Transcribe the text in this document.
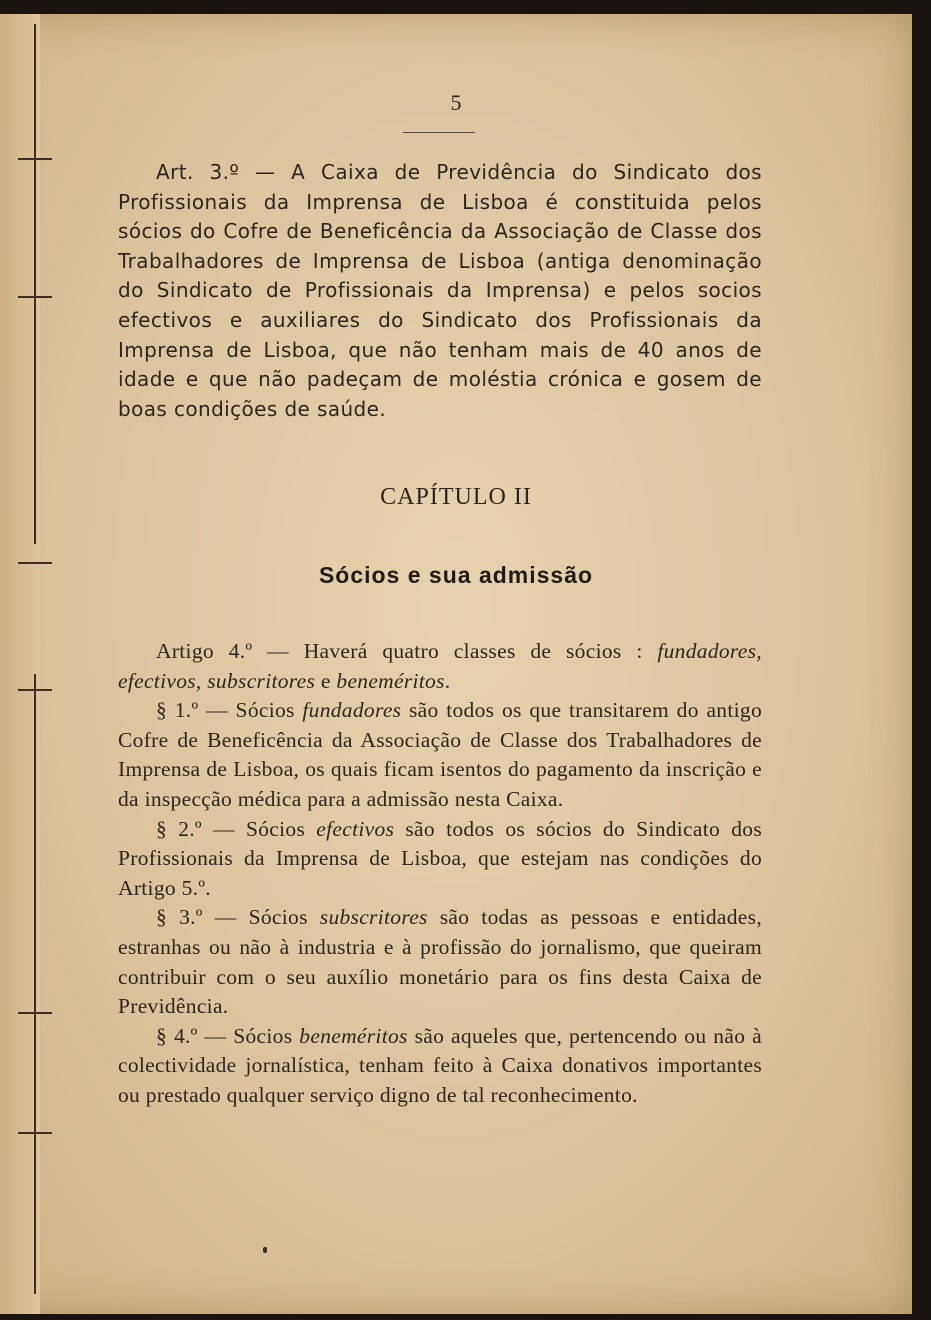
5

Art. 3.º — A Caixa de Previdência do Sindicato dos Profissionais da Imprensa de Lisboa é constituida pelos sócios do Cofre de Beneficência da Associação de Classe dos Trabalhadores de Imprensa de Lisboa (antiga denominação do Sindicato de Profissionais da Imprensa) e pelos socios efectivos e auxiliares do Sindicato dos Profissionais da Imprensa de Lisboa, que não tenham mais de 40 anos de idade e que não padeçam de moléstia crónica e gosem de boas condições de saúde.

CAPÍTULO II
Sócios e sua admissão

Artigo 4.º — Haverá quatro classes de sócios : fundadores, efectivos, subscritores e beneméritos.

§ 1.º — Sócios fundadores são todos os que transitarem do antigo Cofre de Beneficência da Associação de Classe dos Trabalhadores de Imprensa de Lisboa, os quais ficam isentos do pagamento da inscrição e da inspecção médica para a admissão nesta Caixa.

§ 2.º — Sócios efectivos são todos os sócios do Sindicato dos Profissionais da Imprensa de Lisboa, que estejam nas condições do Artigo 5.º.

§ 3.º — Sócios subscritores são todas as pessoas e entidades, estranhas ou não à industria e à profissão do jornalismo, que queiram contribuir com o seu auxílio monetário para os fins desta Caixa de Previdência.

§ 4.º — Sócios beneméritos são aqueles que, pertencendo ou não à colectividade jornalística, tenham feito à Caixa donativos importantes ou prestado qualquer serviço digno de tal reconhecimento.
